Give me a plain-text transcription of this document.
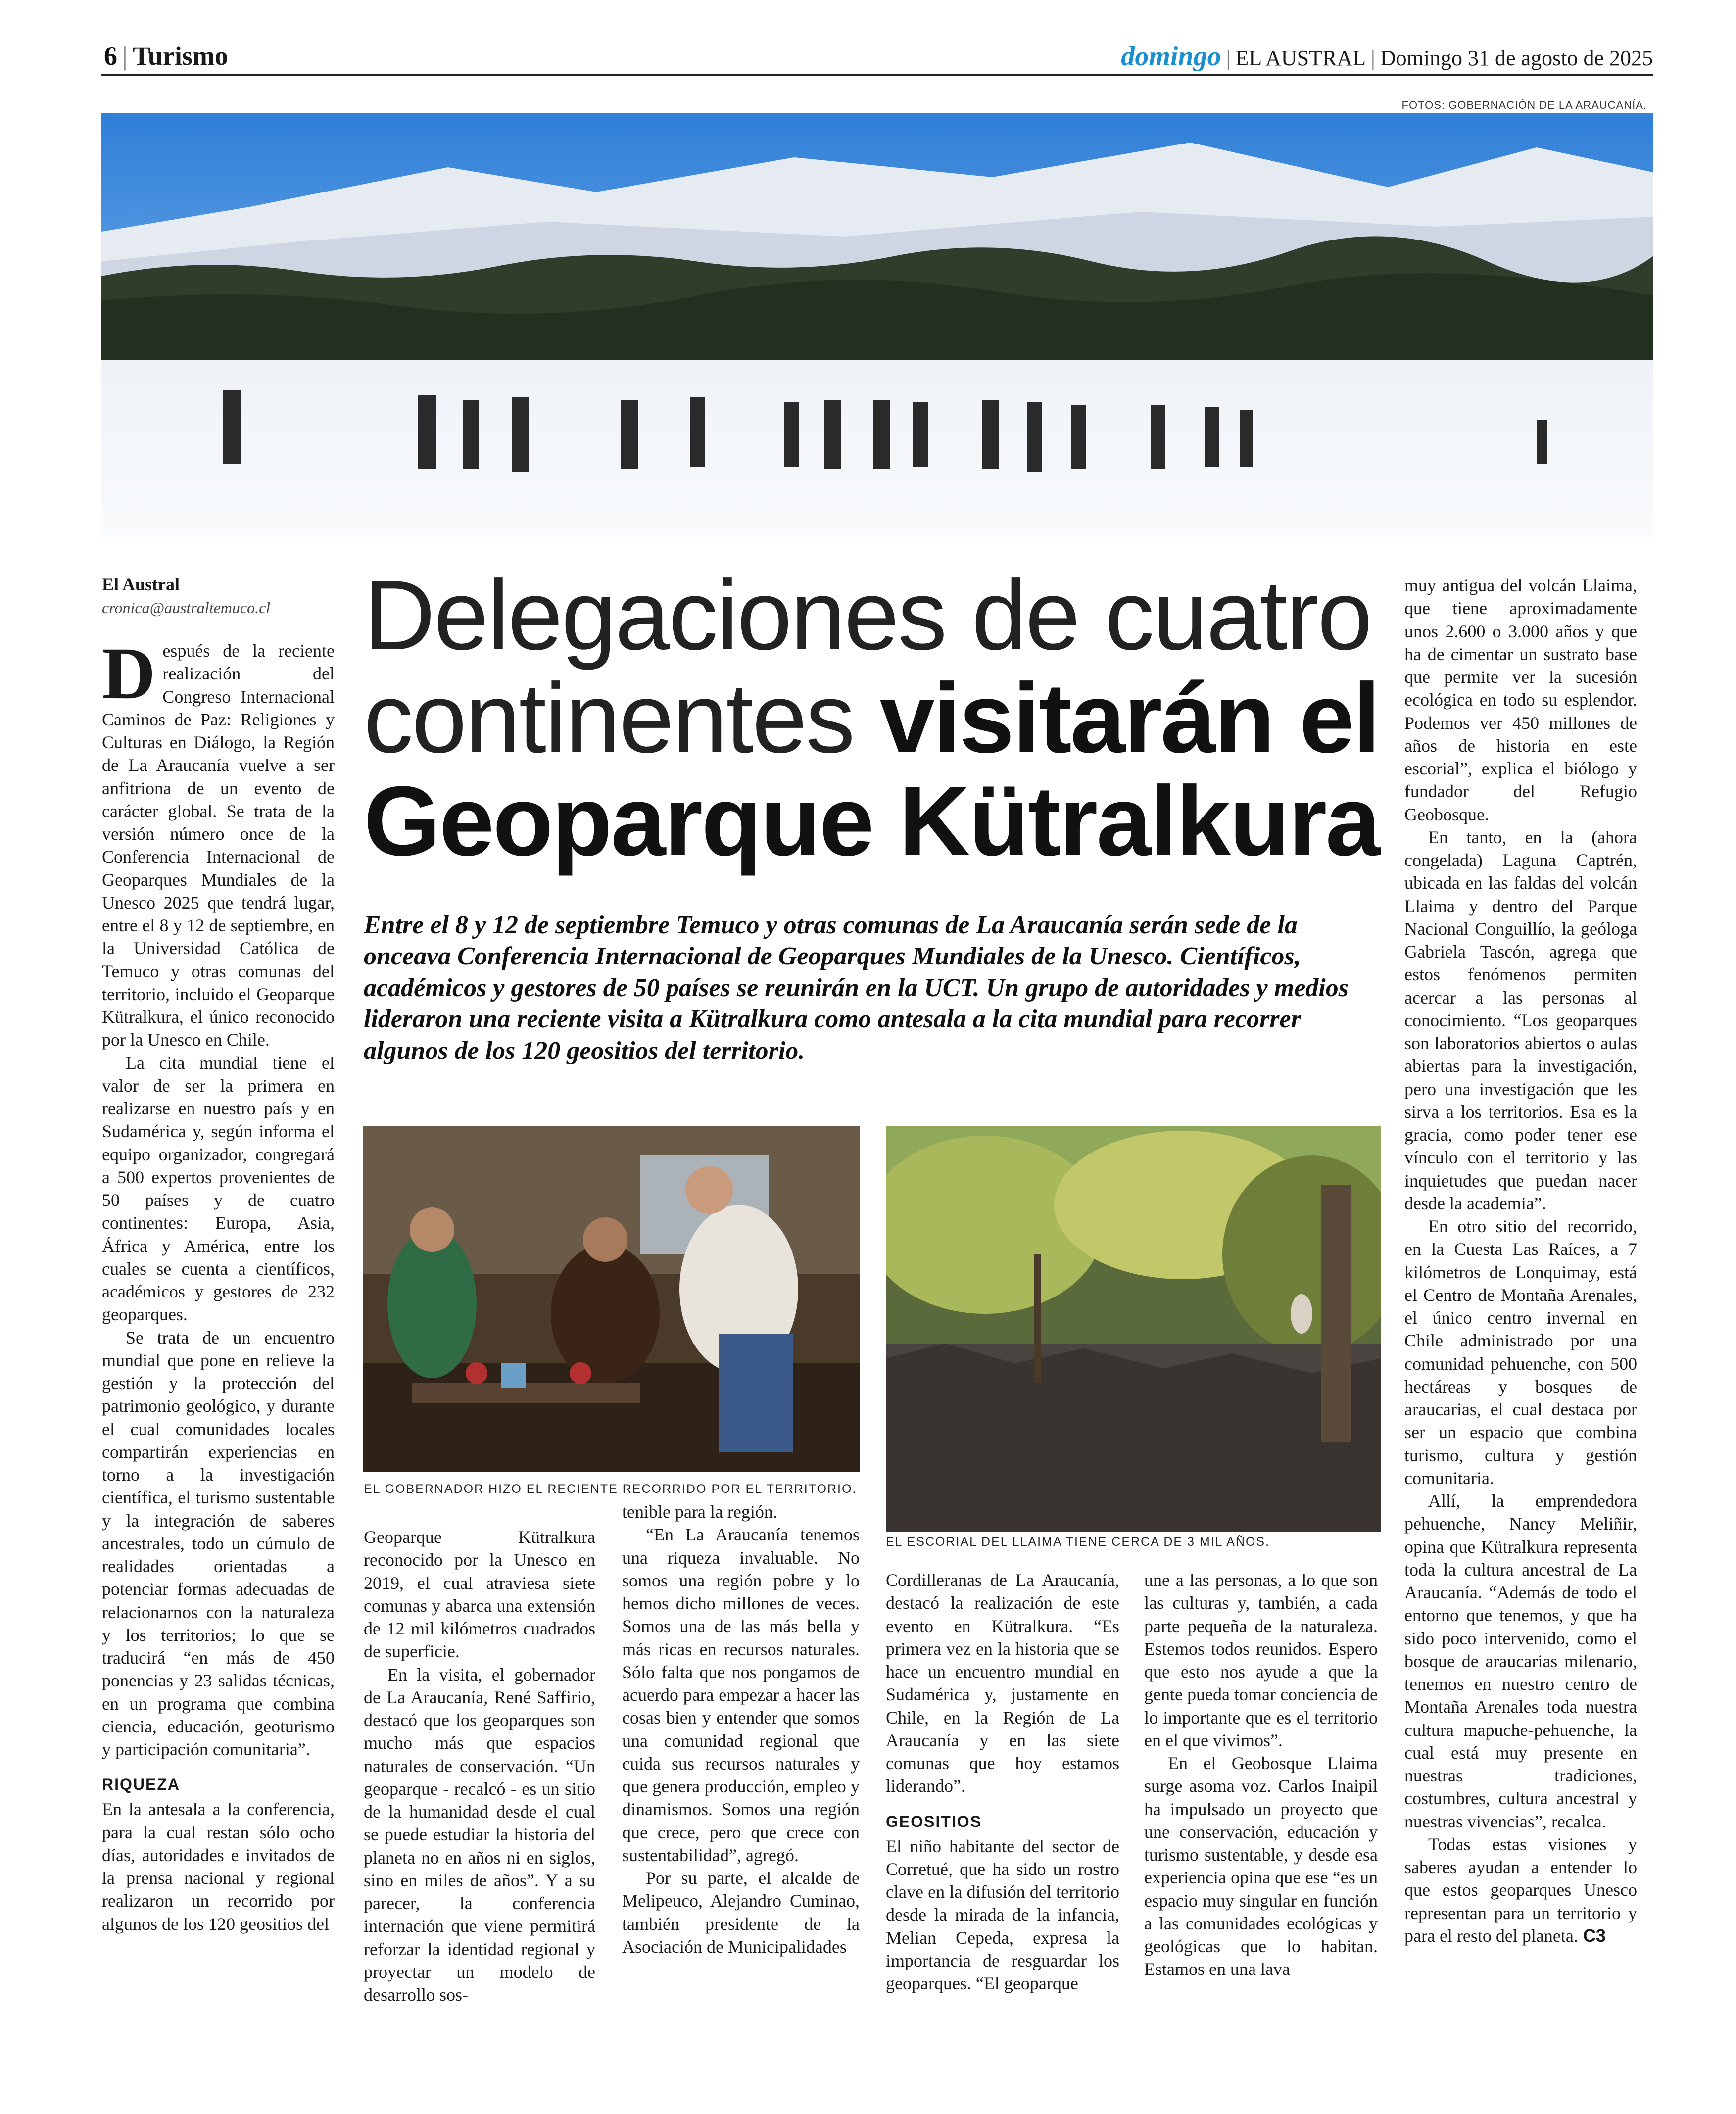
6 | Turismo	domingo | EL AUSTRAL | Domingo 31 de agosto de 2025
FOTOS: GOBERNACIÓN DE LA ARAUCANÍA.
El Austral
cronica@australtemuco.cl Delegaciones de cuatro continentes visitarán el Geoparque Kütralkura
Entre el 8 y 12 de septiembre Temuco y otras comunas de La Araucanía serán sede de la onceava Conferencia Internacional de Geoparques Mundiales de la Unesco. Científicos, académicos y gestores de 50 países se reunirán en la UCT. Un grupo de autoridades y medios lideraron una reciente visita a Kütralkura como antesala a la cita mundial para recorrer algunos de los 120 geositios del territorio.

Después de la reciente realización del Congreso Internacional Caminos de Paz: Religiones y Culturas en Diálogo, la Región de La Araucanía vuelve a ser anfitriona de un evento de carácter global. Se trata de la versión número once de la Conferencia Internacional de Geoparques Mundiales de la Unesco 2025 que tendrá lugar, entre el 8 y 12 de septiembre, en la Universidad Católica de Temuco y otras comunas del territorio, incluido el Geoparque Kütralkura, el único reconocido por la Unesco en Chile.

La cita mundial tiene el valor de ser la primera en realizarse en nuestro país y en Sudamérica y, según informa el equipo organizador, congregará a 500 expertos provenientes de 50 países y de cuatro continentes: Europa, Asia, África y América, entre los cuales se cuenta a científicos, académicos y gestores de 232 geoparques.

Se trata de un encuentro mundial que pone en relieve la gestión y la protección del patrimonio geológico, y durante el cual comunidades locales compartirán experiencias en torno a la investigación científica, el turismo sustentable y la integración de saberes ancestrales, todo un cúmulo de realidades orientadas a potenciar formas adecuadas de relacionarnos con la naturaleza y los territorios; lo que se traducirá “en más de 450 ponencias y 23 salidas técnicas, en un programa que combina ciencia, educación, geoturismo y participación comunitaria”.

RIQUEZA

En la antesala a la conferencia, para la cual restan sólo ocho días, autoridades e invitados de la prensa nacional y regional realizaron un recorrido por algunos de los 120 geositios del

EL GOBERNADOR HIZO EL RECIENTE RECORRIDO POR EL TERRITORIO.
EL ESCORIAL DEL LLAIMA TIENE CERCA DE 3 MIL AÑOS.

Geoparque Kütralkura reconocido por la Unesco en 2019, el cual atraviesa siete comunas y abarca una extensión de 12 mil kilómetros cuadrados de superficie.

En la visita, el gobernador de La Araucanía, René Saffirio, destacó que los geoparques son mucho más que espacios naturales de conservación. “Un geoparque - recalcó - es un sitio de la humanidad desde el cual se puede estudiar la historia del planeta no en años ni en siglos, sino en miles de años”. Y a su parecer, la conferencia internación que viene permitirá reforzar la identidad regional y proyectar un modelo de desarrollo sos-

tenible para la región.

“En La Araucanía tenemos una riqueza invaluable. No somos una región pobre y lo hemos dicho millones de veces. Somos una de las más bella y más ricas en recursos naturales. Sólo falta que nos pongamos de acuerdo para empezar a hacer las cosas bien y entender que somos una comunidad regional que cuida sus recursos naturales y que genera producción, empleo y dinamismos. Somos una región que crece, pero que crece con sustentabilidad”, agregó.

Por su parte, el alcalde de Melipeuco, Alejandro Cuminao, también presidente de la Asociación de Municipalidades

Cordilleranas de La Araucanía, destacó la realización de este evento en Kütralkura. “Es primera vez en la historia que se hace un encuentro mundial en Sudamérica y, justamente en Chile, en la Región de La Araucanía y en las siete comunas que hoy estamos liderando”.

GEOSITIOS

El niño habitante del sector de Corretué, que ha sido un rostro clave en la difusión del territorio desde la mirada de la infancia, Melian Cepeda, expresa la importancia de resguardar los geoparques. “El geoparque

une a las personas, a lo que son las culturas y, también, a cada parte pequeña de la naturaleza. Estemos todos reunidos. Espero que esto nos ayude a que la gente pueda tomar conciencia de lo importante que es el territorio en el que vivimos”.

En el Geobosque Llaima surge asoma voz. Carlos Inaipil ha impulsado un proyecto que une conservación, educación y turismo sustentable, y desde esa experiencia opina que ese “es un espacio muy singular en función a las comunidades ecológicas y geológicas que lo habitan. Estamos en una lava

muy antigua del volcán Llaima, que tiene aproximadamente unos 2.600 o 3.000 años y que ha de cimentar un sustrato base que permite ver la sucesión ecológica en todo su esplendor. Podemos ver 450 millones de años de historia en este escorial”, explica el biólogo y fundador del Refugio Geobosque.

En tanto, en la (ahora congelada) Laguna Captrén, ubicada en las faldas del volcán Llaima y dentro del Parque Nacional Conguillío, la geóloga Gabriela Tascón, agrega que estos fenómenos permiten acercar a las personas al conocimiento. “Los geoparques son laboratorios abiertos o aulas abiertas para la investigación, pero una investigación que les sirva a los territorios. Esa es la gracia, como poder tener ese vínculo con el territorio y las inquietudes que puedan nacer desde la academia”.

En otro sitio del recorrido, en la Cuesta Las Raíces, a 7 kilómetros de Lonquimay, está el Centro de Montaña Arenales, el único centro invernal en Chile administrado por una comunidad pehuenche, con 500 hectáreas y bosques de araucarias, el cual destaca por ser un espacio que combina turismo, cultura y gestión comunitaria.

Allí, la emprendedora pehuenche, Nancy Meliñir, opina que Kütralkura representa toda la cultura ancestral de La Araucanía. “Además de todo el entorno que tenemos, y que ha sido poco intervenido, como el bosque de araucarias milenario, tenemos en nuestro centro de Montaña Arenales toda nuestra cultura mapuche-pehuenche, la cual está muy presente en nuestras tradiciones, costumbres, cultura ancestral y nuestras vivencias”, recalca.

Todas estas visiones y saberes ayudan a entender lo que estos geoparques Unesco representan para un territorio y para el resto del planeta. C3
